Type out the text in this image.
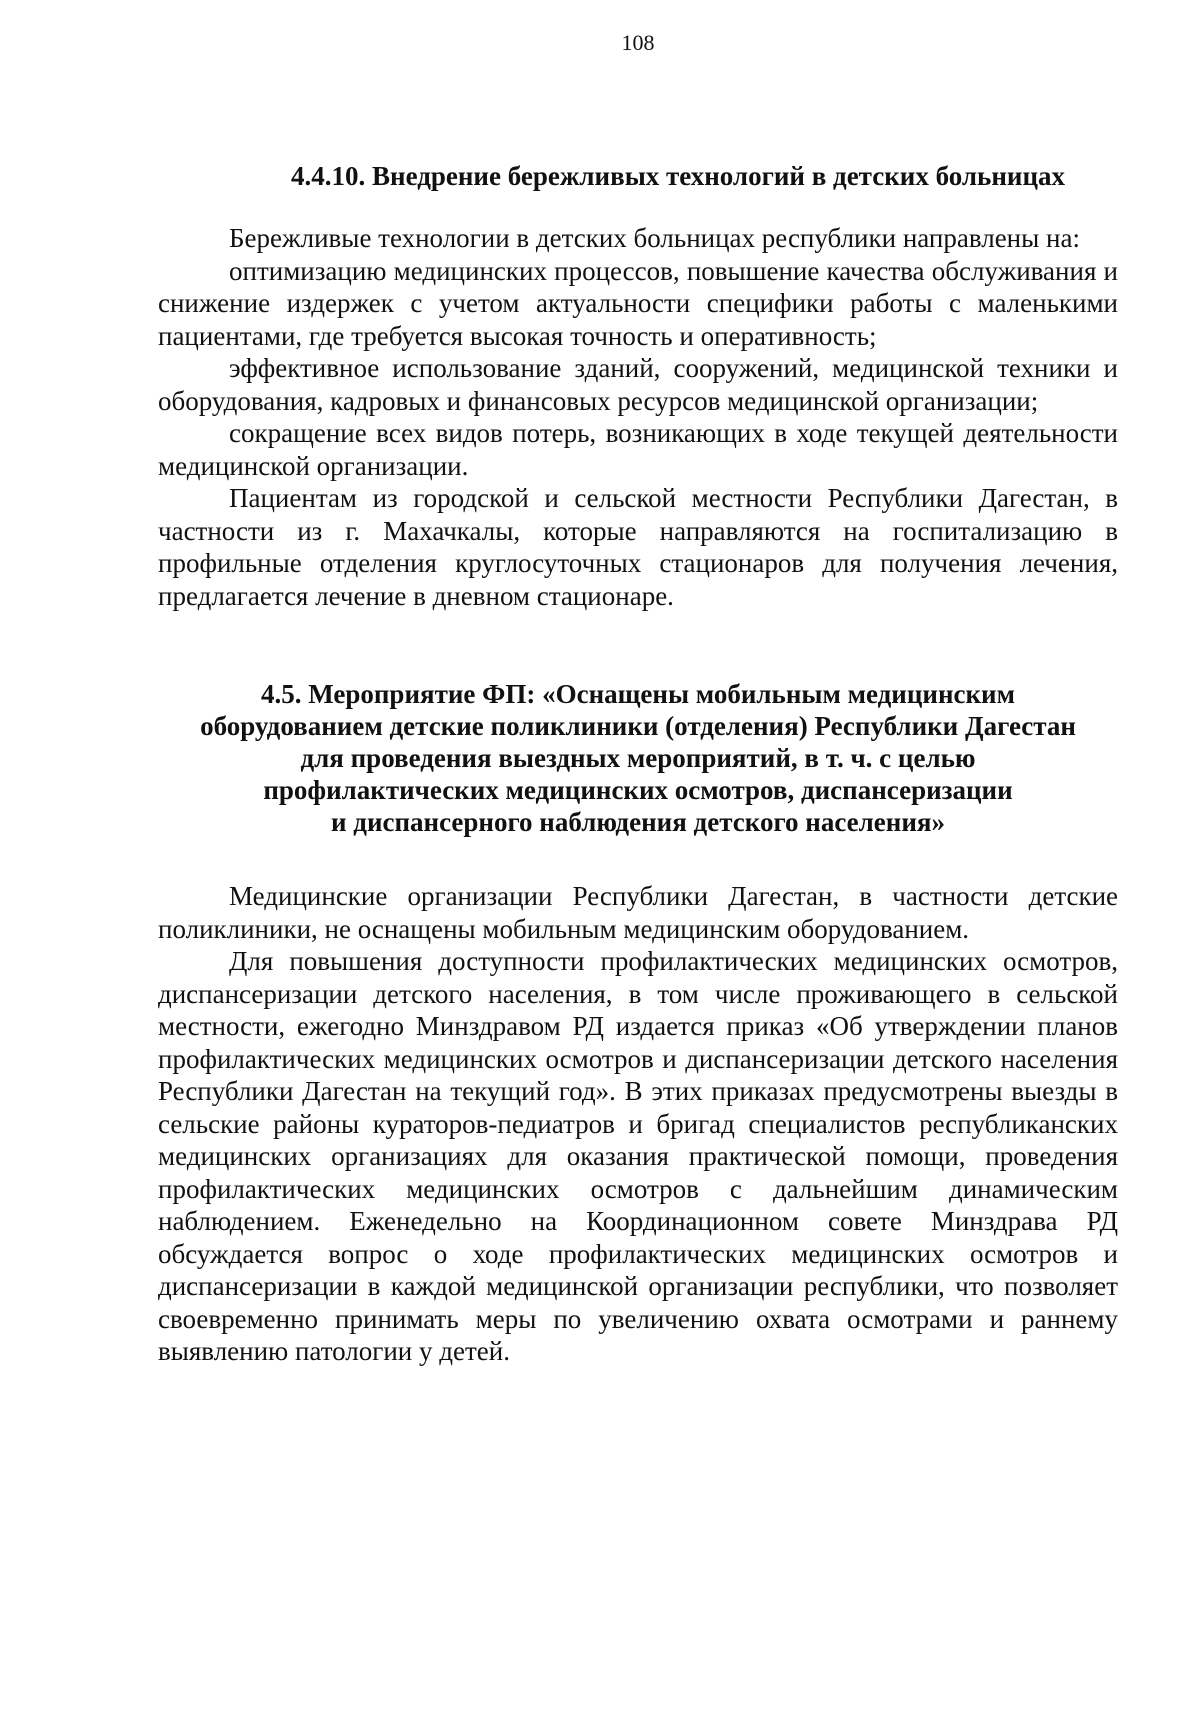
108
4.4.10. Внедрение бережливых технологий в детских больницах

Бережливые технологии в детских больницах республики направлены на:

оптимизацию медицинских процессов, повышение качества обслуживания и снижение издержек с учетом актуальности специфики работы с маленькими пациентами, где требуется высокая точность и оперативность;

эффективное использование зданий, сооружений, медицинской техники и оборудования, кадровых и финансовых ресурсов медицинской организации;

сокращение всех видов потерь, возникающих в ходе текущей деятельности медицинской организации.

Пациентам из городской и сельской местности Республики Дагестан, в частности из г. Махачкалы, которые направляются на госпитализацию в профильные отделения круглосуточных стационаров для получения лечения, предлагается лечение в дневном стационаре.

4.5. Мероприятие ФП: «Оснащены мобильным медицинским
оборудованием детские поликлиники (отделения) Республики Дагестан
для проведения выездных мероприятий, в т. ч. с целью
профилактических медицинских осмотров, диспансеризации
и диспансерного наблюдения детского населения»

Медицинские организации Республики Дагестан, в частности детские поликлиники, не оснащены мобильным медицинским оборудованием.

Для повышения доступности профилактических медицинских осмотров, диспансеризации детского населения, в том числе проживающего в сельской местности, ежегодно Минздравом РД издается приказ «Об утверждении планов профилактических медицинских осмотров и диспансеризации детского населения Республики Дагестан на текущий год». В этих приказах предусмотрены выезды в сельские районы кураторов-педиатров и бригад специалистов республиканских медицинских организациях для оказания практической помощи, проведения профилактических медицинских осмотров с дальнейшим динамическим наблюдением. Еженедельно на Координационном совете Минздрава РД обсуждается вопрос о ходе профилактических медицинских осмотров и диспансеризации в каждой медицинской организации республики, что позволяет своевременно принимать меры по увеличению охвата осмотрами и раннему выявлению патологии у детей.
